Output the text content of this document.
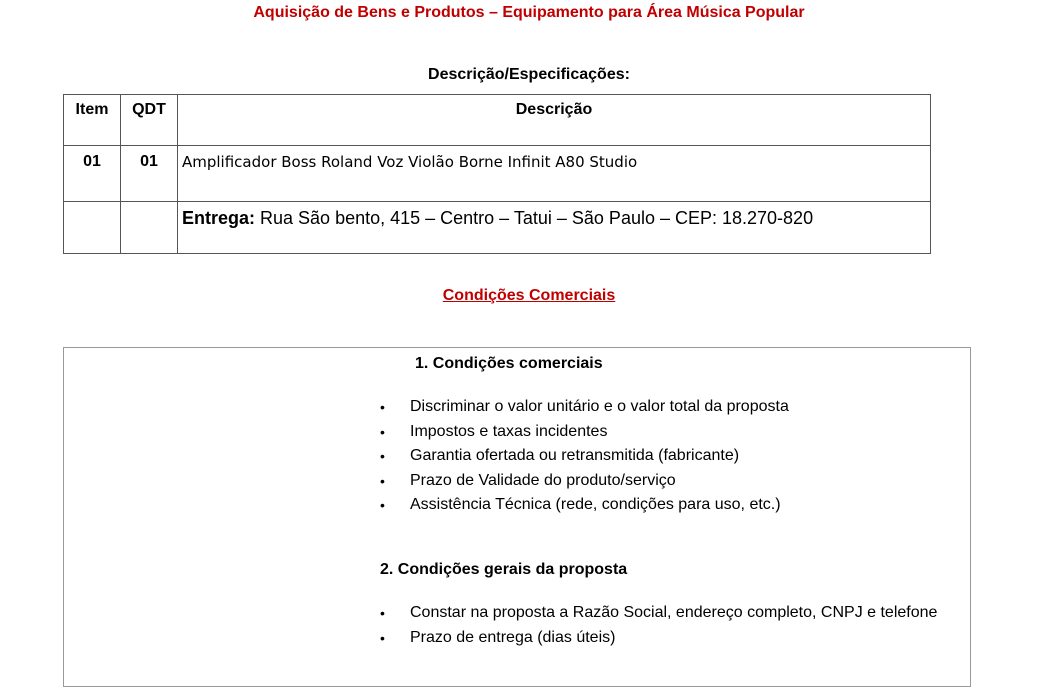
Aquisição de Bens e Produtos – Equipamento para Área Música Popular
Descrição/Especificações:
Item	QDT	Descrição
01	01	Amplificador Boss Roland Voz Violão Borne Infinit A80 Studio
		Entrega: Rua São bento, 415 – Centro – Tatui – São Paulo – CEP: 18.270-820
Condições Comerciais
1. Condições comerciais
• Discriminar o valor unitário e o valor total da proposta
• Impostos e taxas incidentes
• Garantia ofertada ou retransmitida (fabricante)
• Prazo de Validade do produto/serviço
• Assistência Técnica (rede, condições para uso, etc.)
2. Condições gerais da proposta
• Constar na proposta a Razão Social, endereço completo, CNPJ e telefone
• Prazo de entrega (dias úteis)
